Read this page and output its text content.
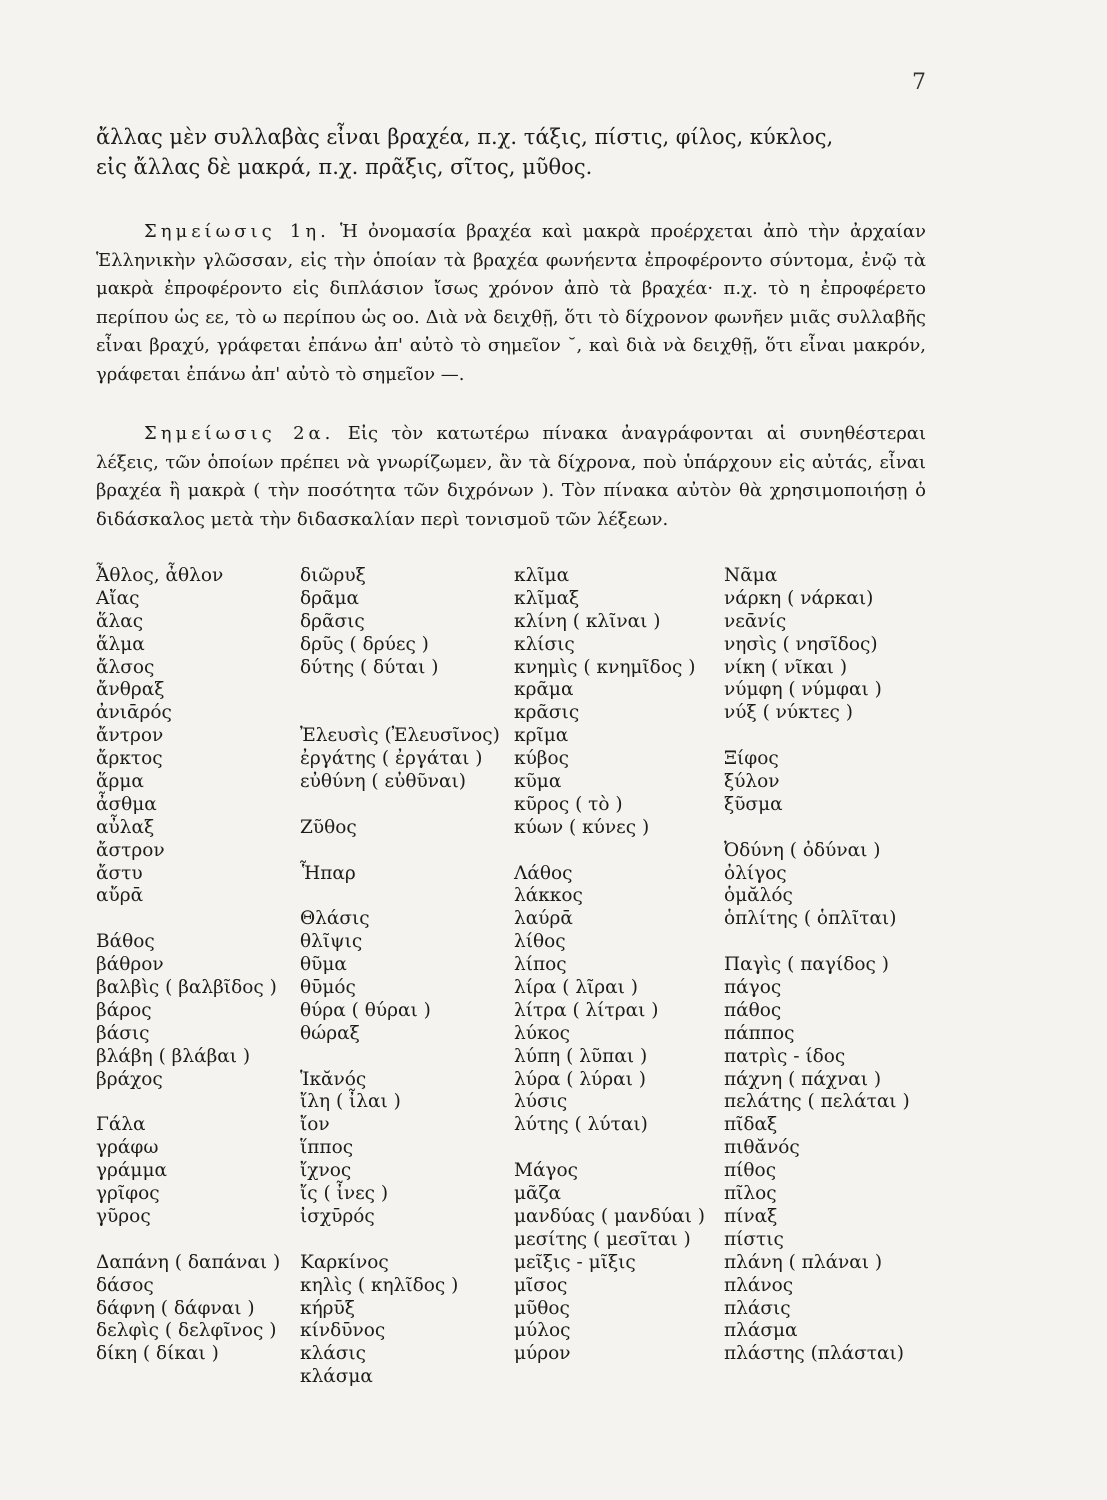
7

ἄλλας μὲν συλλαβὰς εἶναι βραχέα, π.χ. τάξις, πίστις, φίλος, κύκλος,

εἰς ἄλλας δὲ μακρά, π.χ. πρᾶξις, σῖτος, μῦθος.

Σημείωσις 1η. Ἡ ὀνομασία βραχέα καὶ μακρὰ προέρχεται ἀπὸ τὴν ἀρχαίαν Ἑλληνικὴν γλῶσσαν, εἰς τὴν ὁποίαν τὰ βραχέα φωνήεντα ἐπροφέροντο σύντομα, ἐνῷ τὰ μακρὰ ἐπροφέροντο εἰς διπλάσιον ἴσως χρόνον ἀπὸ τὰ βραχέα· π.χ. τὸ η ἐπροφέρετο περίπου ὡς εε, τὸ ω περίπου ὡς οο. Διὰ νὰ δειχθῇ, ὅτι τὸ δίχρονον φωνῆεν μιᾶς συλλαβῆς εἶναι βραχύ, γράφεται ἐπάνω ἀπ' αὐτὸ τὸ σημεῖον ˘, καὶ διὰ νὰ δειχθῇ, ὅτι εἶναι μακρόν, γράφεται ἐπάνω ἀπ' αὐτὸ τὸ σημεῖον —.

Σημείωσις 2α. Εἰς τὸν κατωτέρω πίνακα ἀναγράφονται αἱ συνηθέστεραι λέξεις, τῶν ὁποίων πρέπει νὰ γνωρίζωμεν, ἂν τὰ δίχρονα, ποὺ ὑπάρχουν εἰς αὐτάς, εἶναι βραχέα ἢ μακρὰ ( τὴν ποσότητα τῶν διχρόνων ). Τὸν πίνακα αὐτὸν θὰ χρησιμοποιήσῃ ὁ διδάσκαλος μετὰ τὴν διδασκαλίαν περὶ τονισμοῦ τῶν λέξεων.

Ἆθλος, ἆθλον
Αἴας
ἅλας
ἅλμα
ἄλσος
ἄνθραξ
ἀνιᾱρός
ἄντρον
ἄρκτος
ἅρμα
ἆσθμα
αὖλαξ
ἄστρον
ἄστυ
αὔρᾱ
Βάθος
βάθρον
βαλβὶς ( βαλβῖδος )
βάρος
βάσις
βλάβη ( βλάβαι )
βράχος
Γάλα
γράφω
γράμμα
γρῖφος
γῦρος
Δαπάνη ( δαπάναι )
δάσος
δάφνη ( δάφναι )
δελφὶς ( δελφῖνος )
δίκη ( δίκαι )
διῶρυξ
δρᾶμα
δρᾶσις
δρῦς ( δρύες )
δύτης ( δύται )
Ἐλευσὶς (Ἐλευσῖνος)
ἐργάτης ( ἐργάται )
εὐθύνη ( εὐθῦναι)
Ζῦθος
Ἧπαρ
Θλάσις
θλῖψις
θῦμα
θῡμός
θύρα ( θύραι )
θώραξ
Ἱκᾰνός
ἴλη ( ἶλαι )
ἴον
ἵππος
ἴχνος
ἴς ( ἶνες )
ἰσχῡρός
Καρκίνος
κηλὶς ( κηλῖδος )
κήρῡξ
κίνδῡνος
κλάσις
κλάσμα
κλῖμα
κλῖμαξ
κλίνη ( κλῖναι )
κλίσις
κνημὶς ( κνημῖδος )
κρᾶμα
κρᾶσις
κρῖμα
κύβος
κῦμα
κῦρος ( τὸ )
κύων ( κύνες )
Λάθος
λάκκος
λαύρᾱ
λίθος
λίπος
λίρα ( λῖραι )
λίτρα ( λίτραι )
λύκος
λύπη ( λῦπαι )
λύρα ( λύραι )
λύσις
λύτης ( λύται)
Μάγος
μᾶζα
μανδύας ( μανδύαι )
μεσίτης ( μεσῖται )
μεῖξις - μῖξις
μῖσος
μῦθος
μύλος
μύρον
Νᾶμα
νάρκη ( νάρκαι)
νεᾱνίς
νησὶς ( νησῖδος)
νίκη ( νῖκαι )
νύμφη ( νύμφαι )
νύξ ( νύκτες )
Ξίφος
ξύλον
ξῦσμα
Ὀδύνη ( ὀδύναι )
ὀλίγος
ὁμᾰλός
ὁπλίτης ( ὁπλῖται)
Παγὶς ( παγίδος )
πάγος
πάθος
πάππος
πατρὶς - ίδος
πάχνη ( πάχναι )
πελάτης ( πελάται )
πῖδαξ
πιθᾰνός
πίθος
πῖλος
πίναξ
πίστις
πλάνη ( πλάναι )
πλάνος
πλάσις
πλάσμα
πλάστης (πλάσται)
